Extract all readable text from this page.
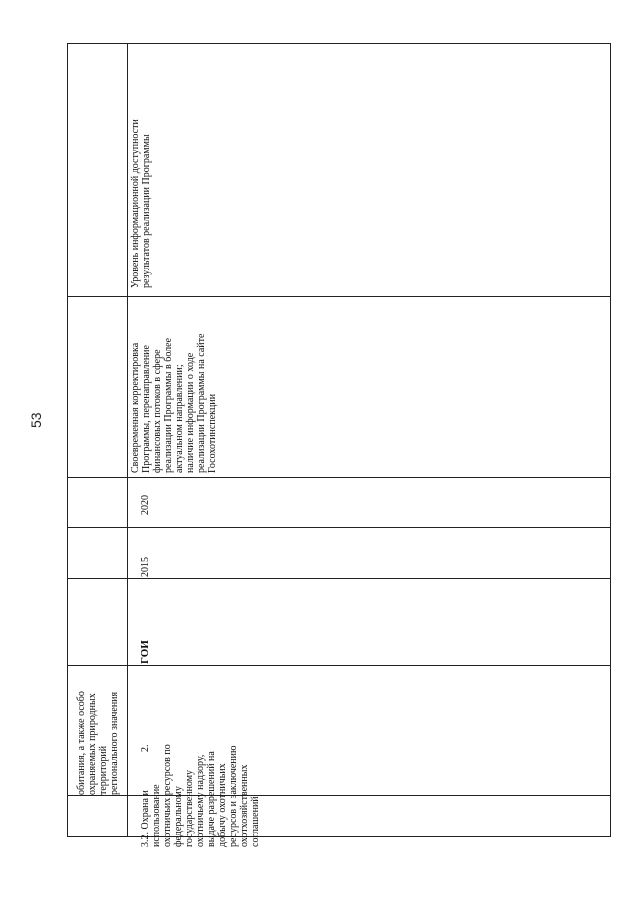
53
обитания, а также особо
охраняемых природных
территорий
регионального значения
2.
3.2. Охрана и
использование
охотничьих ресурсов по
федеральному
государственному
охотничьему надзору,
выдаче разрешений на
добычу охотничьих
ресурсов и заключению
охотхозяйственных
соглашений
ГОИ
2015
2020
Своевременная корректировка
Программы, перенаправление
финансовых потоков в сфере
реализации Программы в более
актуальном направлении;
наличие информации о ходе
реализации Программы на сайте
Госохотинспекции
Уровень информационной доступности
результатов реализации Программы
